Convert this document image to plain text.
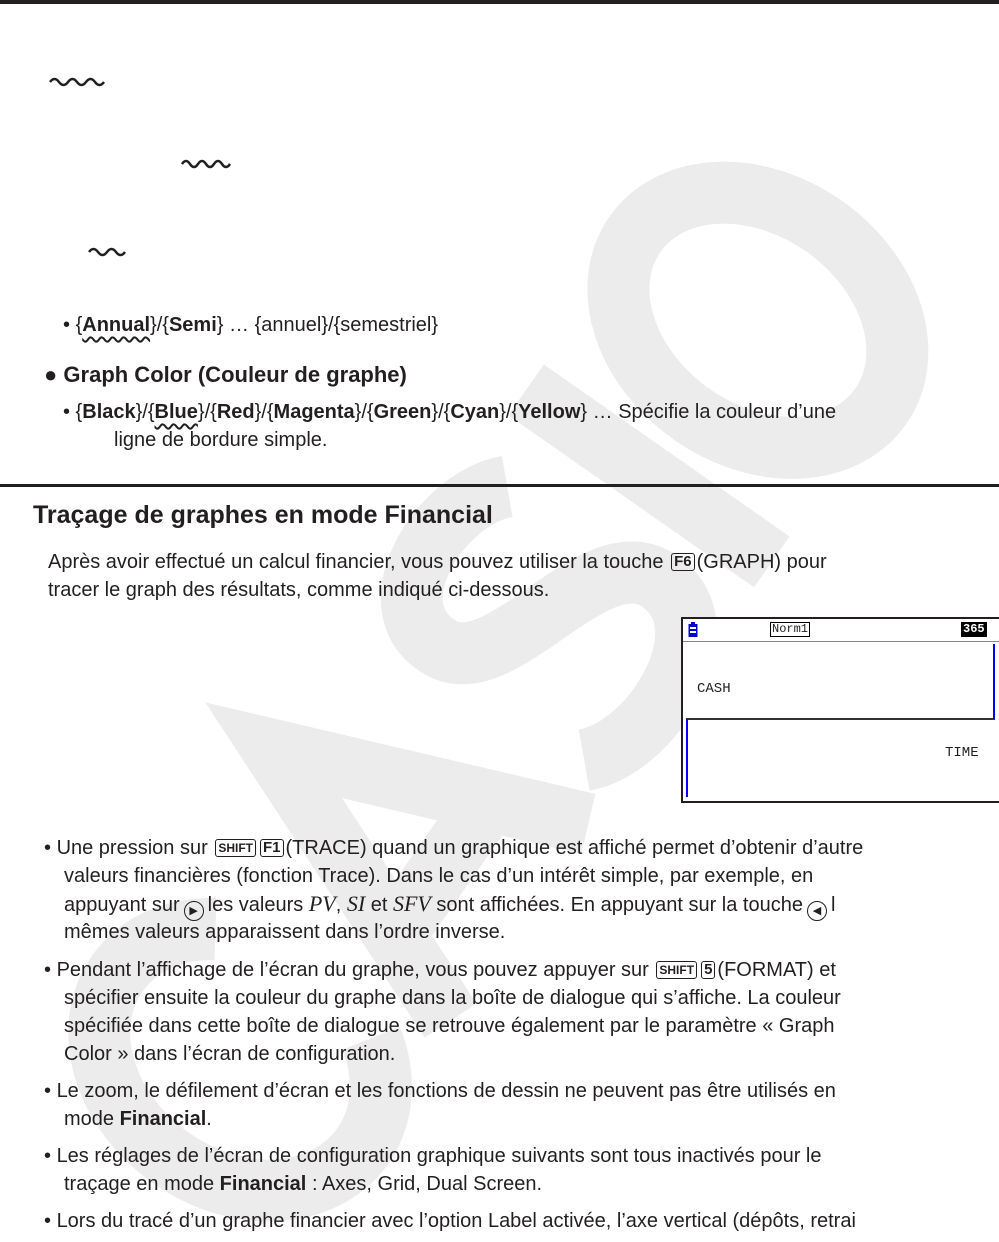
• {Annual}/{Semi} … {annuel}/{semestriel}
● Graph Color (Couleur de graphe)
• {Black}/{Blue}/{Red}/{Magenta}/{Green}/{Cyan}/{Yellow} … Spécifie la couleur d’une
ligne de bordure simple.
Traçage de graphes en mode Financial
Après avoir effectué un calcul financier, vous pouvez utiliser la touche F6 (GRAPH) pour
tracer le graph des résultats, comme indiqué ci-dessous.
Norm1	365
CASH
TIME
• Une pression sur SHIFT F1 (TRACE) quand un graphique est affiché permet d’obtenir d’autre
valeurs financières (fonction Trace). Dans le cas d’un intérêt simple, par exemple, en
appuyant sur ▶ les valeurs PV, SI et SFV sont affichées. En appuyant sur la touche ◀ l
mêmes valeurs apparaissent dans l’ordre inverse.
• Pendant l’affichage de l’écran du graphe, vous pouvez appuyer sur SHIFT 5 (FORMAT) et
spécifier ensuite la couleur du graphe dans la boîte de dialogue qui s’affiche. La couleur
spécifiée dans cette boîte de dialogue se retrouve également par le paramètre « Graph
Color » dans l’écran de configuration.
• Le zoom, le défilement d’écran et les fonctions de dessin ne peuvent pas être utilisés en
mode Financial.
• Les réglages de l’écran de configuration graphique suivants sont tous inactivés pour le
traçage en mode Financial : Axes, Grid, Dual Screen.
• Lors du tracé d’un graphe financier avec l’option Label activée, l’axe vertical (dépôts, retrai
